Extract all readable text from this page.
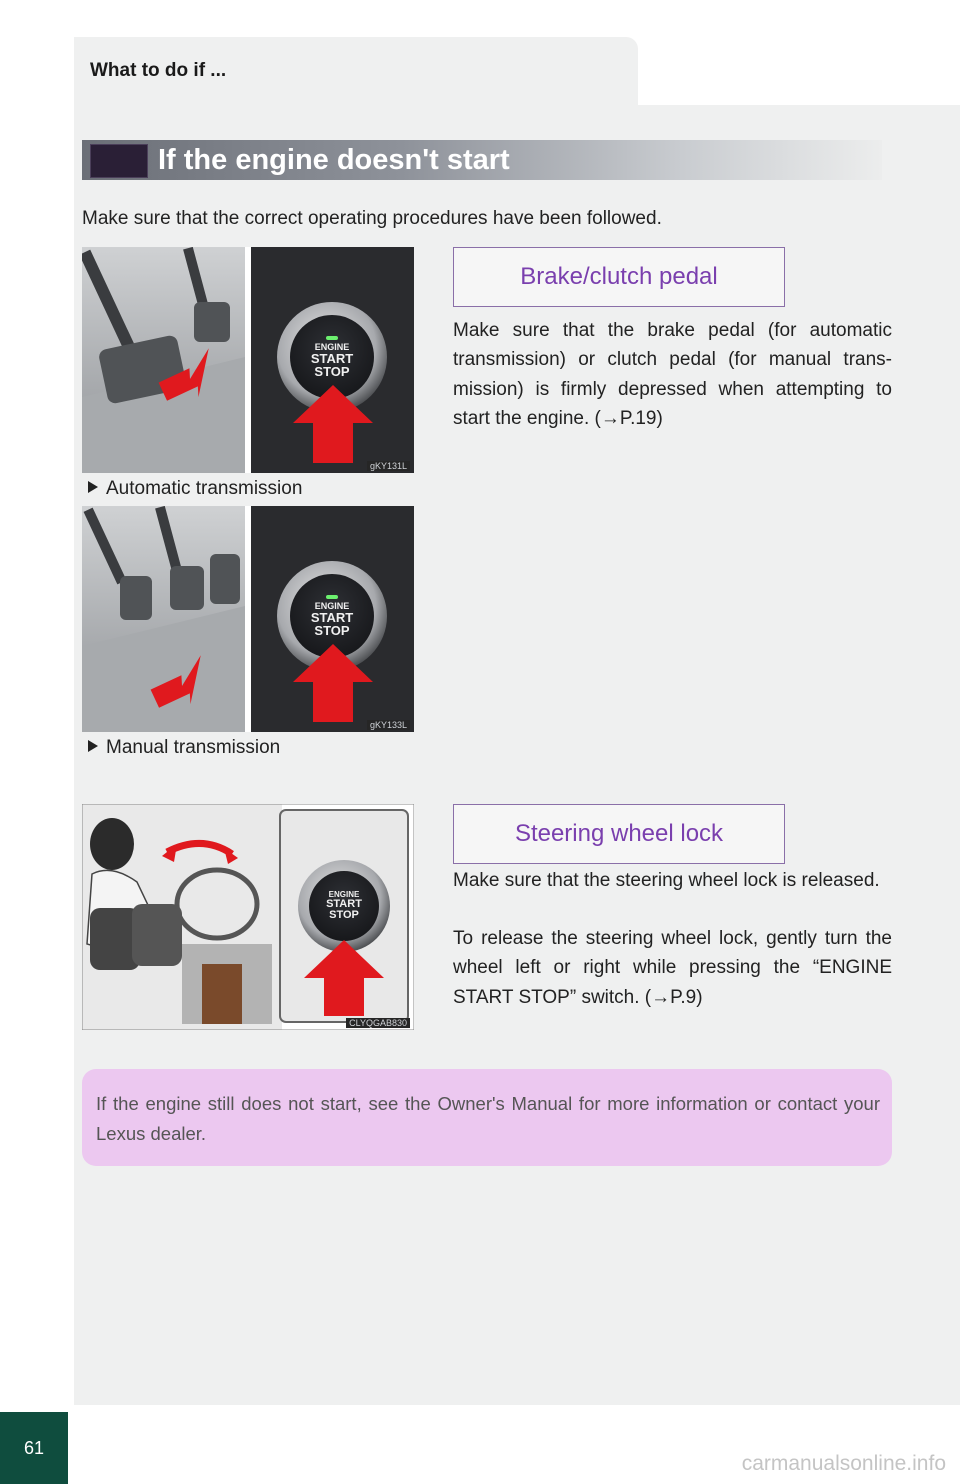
What to do if ...
If the engine doesn't start
Make sure that the correct operating procedures have been followed.
ENGINE
START
STOP
gKY131L
Automatic transmission
ENGINE
START
STOP
gKY133L
Manual transmission
Brake/clutch pedal
Make sure that the brake pedal (for automatic transmission) or clutch pedal (for manual trans-mission) is firmly depressed when attempting to start the engine. (→P.19)
ENGINE
START
STOP
CLYQGAB830
Steering wheel lock
Make sure that the steering wheel lock is released.
To release the steering wheel lock, gently turn the wheel left or right while pressing the “ENGINE START STOP” switch. (→P.9)

If the engine still does not start, see the Owner's Manual for more information or contact your Lexus dealer.

61
carmanualsonline.info
